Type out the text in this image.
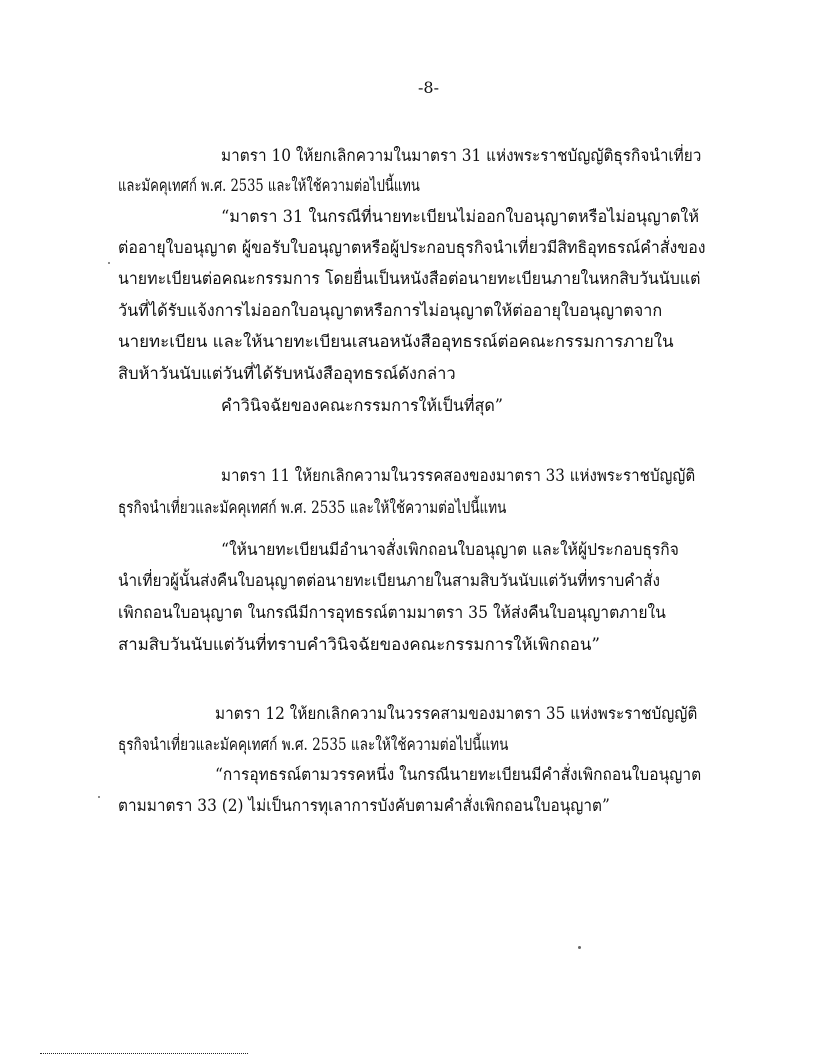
-8-
มาตรา 10 ให้ยกเลิกความในมาตรา 31 แห่งพระราชบัญญัติธุรกิจนำเที่ยว
และมัคคุเทศก์ พ.ศ. 2535 และให้ใช้ความต่อไปนี้แทน
“มาตรา 31 ในกรณีที่นายทะเบียนไม่ออกใบอนุญาตหรือไม่อนุญาตให้
ต่ออายุใบอนุญาต ผู้ขอรับใบอนุญาตหรือผู้ประกอบธุรกิจนำเที่ยวมีสิทธิอุทธรณ์คำสั่งของ
นายทะเบียนต่อคณะกรรมการ โดยยื่นเป็นหนังสือต่อนายทะเบียนภายในหกสิบวันนับแต่
วันที่ได้รับแจ้งการไม่ออกใบอนุญาตหรือการไม่อนุญาตให้ต่ออายุใบอนุญาตจาก
นายทะเบียน และให้นายทะเบียนเสนอหนังสืออุทธรณ์ต่อคณะกรรมการภายใน
สิบห้าวันนับแต่วันที่ได้รับหนังสืออุทธรณ์ดังกล่าว
คำวินิจฉัยของคณะกรรมการให้เป็นที่สุด”
มาตรา 11 ให้ยกเลิกความในวรรคสองของมาตรา 33 แห่งพระราชบัญญัติ
ธุรกิจนำเที่ยวและมัคคุเทศก์ พ.ศ. 2535 และให้ใช้ความต่อไปนี้แทน
“ให้นายทะเบียนมีอำนาจสั่งเพิกถอนใบอนุญาต และให้ผู้ประกอบธุรกิจ
นำเที่ยวผู้นั้นส่งคืนใบอนุญาตต่อนายทะเบียนภายในสามสิบวันนับแต่วันที่ทราบคำสั่ง
เพิกถอนใบอนุญาต ในกรณีมีการอุทธรณ์ตามมาตรา 35 ให้ส่งคืนใบอนุญาตภายใน
สามสิบวันนับแต่วันที่ทราบคำวินิจฉัยของคณะกรรมการให้เพิกถอน”
มาตรา 12 ให้ยกเลิกความในวรรคสามของมาตรา 35 แห่งพระราชบัญญัติ
ธุรกิจนำเที่ยวและมัคคุเทศก์ พ.ศ. 2535 และให้ใช้ความต่อไปนี้แทน
“การอุทธรณ์ตามวรรคหนึ่ง ในกรณีนายทะเบียนมีคำสั่งเพิกถอนใบอนุญาต
ตามมาตรา 33 (2) ไม่เป็นการทุเลาการบังคับตามคำสั่งเพิกถอนใบอนุญาต”
